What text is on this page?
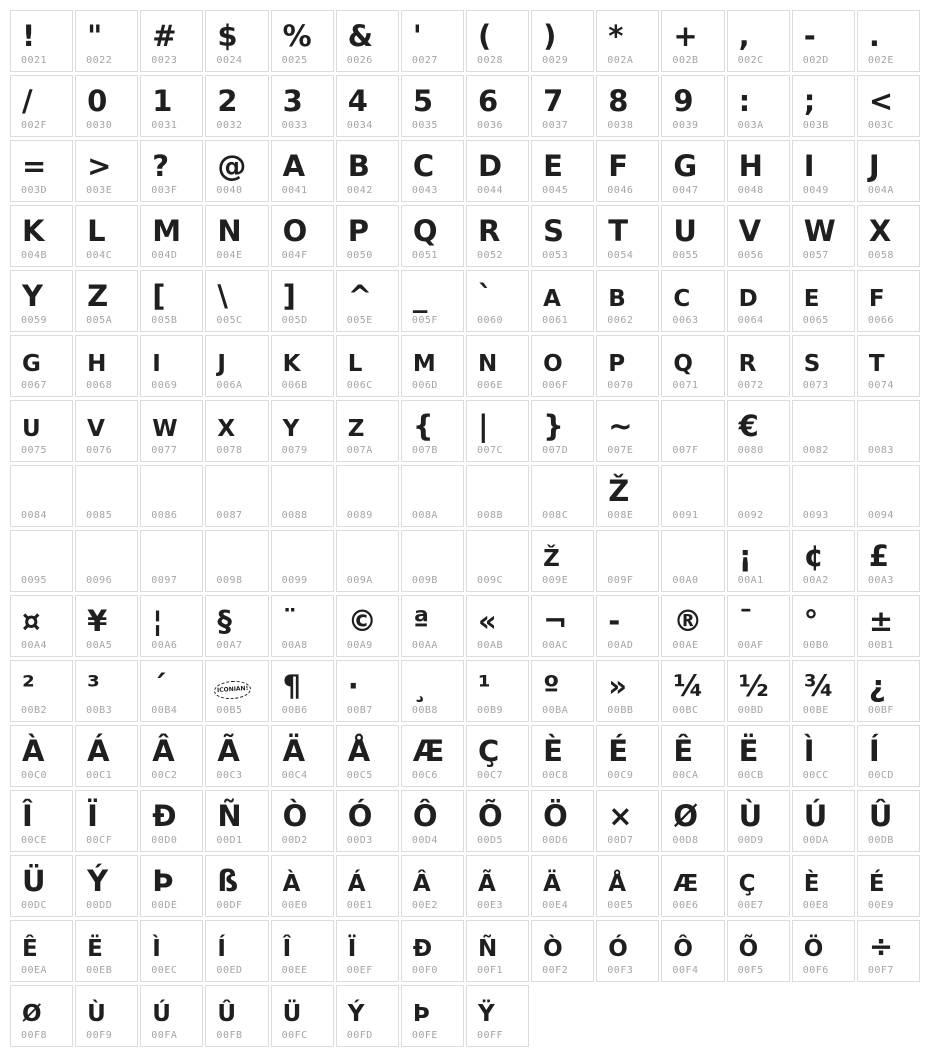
!
0021
"
0022
#
0023
$
0024
%
0025
&
0026
'
0027
(
0028
)
0029
*
002A
+
002B
,
002C
-
002D
.
002E
/
002F
0
0030
1
0031
2
0032
3
0033
4
0034
5
0035
6
0036
7
0037
8
0038
9
0039
:
003A
;
003B
<
003C
=
003D
>
003E
?
003F
@
0040
A
0041
B
0042
C
0043
D
0044
E
0045
F
0046
G
0047
H
0048
I
0049
J
004A
K
004B
L
004C
M
004D
N
004E
O
004F
P
0050
Q
0051
R
0052
S
0053
T
0054
U
0055
V
0056
W
0057
X
0058
Y
0059
Z
005A
[
005B
\
005C
]
005D
^
005E
_
005F
`
0060
A
0061
B
0062
C
0063
D
0064
E
0065
F
0066
G
0067
H
0068
I
0069
J
006A
K
006B
L
006C
M
006D
N
006E
O
006F
P
0070
Q
0071
R
0072
S
0073
T
0074
U
0075
V
0076
W
0077
X
0078
Y
0079
Z
007A
{
007B
|
007C
}
007D
~
007E	007F
€
0080	0082	0083
0084	0085	0086	0087	0088	0089	008A	008B	008C
Ž
008E	0091	0092	0093	0094
0095	0096	0097	0098	0099	009A	009B	009C
Ž
009E	009F	00A0
¡
00A1
¢
00A2
£
00A3
¤
00A4
¥
00A5
¦
00A6
§
00A7
¨
00A8
©
00A9
ª
00AA
«
00AB
¬
00AC
-
00AD
®
00AE
¯
00AF
°
00B0
±
00B1
²
00B2
³
00B3
´
00B4
ICONIAN!
00B5
¶
00B6
·
00B7
¸
00B8
¹
00B9
º
00BA
»
00BB
¼
00BC
½
00BD
¾
00BE
¿
00BF
À
00C0
Á
00C1
Â
00C2
Ã
00C3
Ä
00C4
Å
00C5
Æ
00C6
Ç
00C7
È
00C8
É
00C9
Ê
00CA
Ë
00CB
Ì
00CC
Í
00CD
Î
00CE
Ï
00CF
Ð
00D0
Ñ
00D1
Ò
00D2
Ó
00D3
Ô
00D4
Õ
00D5
Ö
00D6
×
00D7
Ø
00D8
Ù
00D9
Ú
00DA
Û
00DB
Ü
00DC
Ý
00DD
Þ
00DE
ß
00DF
À
00E0
Á
00E1
Â
00E2
Ã
00E3
Ä
00E4
Å
00E5
Æ
00E6
Ç
00E7
È
00E8
É
00E9
Ê
00EA
Ë
00EB
Ì
00EC
Í
00ED
Î
00EE
Ï
00EF
Ð
00F0
Ñ
00F1
Ò
00F2
Ó
00F3
Ô
00F4
Õ
00F5
Ö
00F6
÷
00F7
Ø
00F8
Ù
00F9
Ú
00FA
Û
00FB
Ü
00FC
Ý
00FD
Þ
00FE
Ÿ
00FF
